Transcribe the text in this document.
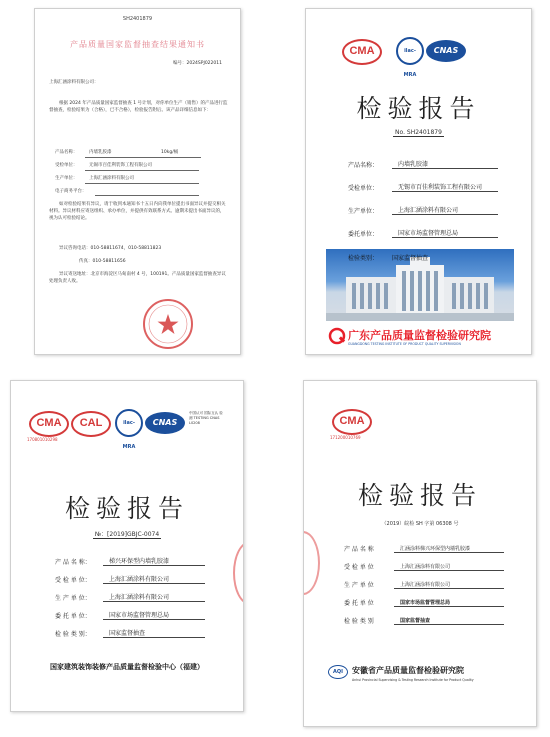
SH2401879
产品质量国家监督抽查结果通知书
编号：2024SPJ022011
上海汇涵涂料有限公司：
根据 2024 年产品质量国家监督抽查 1 号计划，对你单位生产（销售）的产品进行监督抽查，检验结果为（合格），已不合格），检验报告附后。该产品详细信息如下：
产品名称：	内墙乳胶漆	10kg/桶
受检单位：	无锡市百佳利装饰工程有限公司
生产单位：	上海汇涵涂料有限公司
电子商务平台：
如对检验结果有异议，请于收到本通知书十五日内向我单位提出书面异议并提交相关材料。异议材料应寄送组织、承办单位，并提供有效联系方式。逾期未提出书面异议的，视为认可检验结论。
异议咨询电话：010-58811674，010-58811823
传真：010-58811656
异议寄送地址：北京市海淀区马甸南村 4 号，100191。产品质量国家监督抽查异议处理负责人收。
CMA	ilac-MRA
CNAS
检验报告
No. SH2401879
产品名称：	内墙乳胶漆
受检单位：	无锡市百佳利装饰工程有限公司
生产单位：	上海汇涵涂料有限公司
委托单位：	国家市场监督管理总局
检验类别：	国家监督抽查
广东产品质量监督检验研究院
GUANGDONG TESTING INSTITUTE OF PRODUCT QUALITY SUPERVISION
CMA
170801010298
CAL	ilac-MRA
CNAS
中国认可 国际互认 检测 TESTING CNAS L0208
检验报告
№：[2019]GBJC-0074
产 品 名 称：	梯兴环保型内墙乳胶漆
受 检 单 位：	上海汇涵涂料有限公司
生 产 单 位：	上海汇涵涂料有限公司
委 托 单 位：	国家市场监督管理总局
检 验 类 别：	国家监督抽查
国家建筑装饰装修产品质量监督检验中心（福建）
CMA
171200010769
检验报告
（2019）皖检 SH 字第 06308 号
产 品 名 称	汇涵涂料梯兴环保型内墙乳胶漆
受 检 单 位	上海汇涵涂料有限公司
生 产 单 位	上海汇涵涂料有限公司
委 托 单 位	国家市场监督管理总局
检 验 类 别	国家监督抽查
AQI	安徽省产品质量监督检验研究院
Anhui Provincial Supervising & Testing Research Institute for Product Quality
